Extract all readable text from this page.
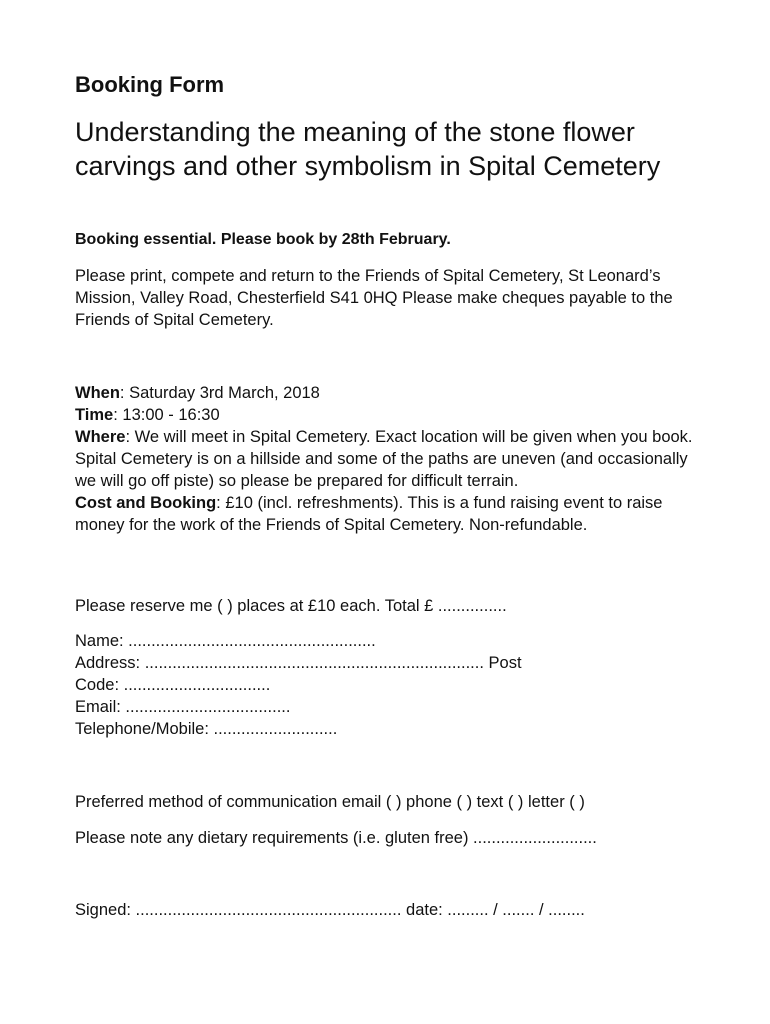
Booking Form
Understanding the meaning of the stone flower carvings and other symbolism in Spital Cemetery

Booking essential. Please book by 28th February.

Please print, compete and return to the Friends of Spital Cemetery, St Leonard’s Mission, Valley Road, Chesterfield S41 0HQ Please make cheques payable to the Friends of Spital Cemetery.

When: Saturday 3rd March, 2018

Time: 13:00 - 16:30

Where: We will meet in Spital Cemetery. Exact location will be given when you book. Spital Cemetery is on a hillside and some of the paths are uneven (and occasionally we will go off piste) so please be prepared for difficult terrain.

Cost and Booking: £10 (incl. refreshments). This is a fund raising event to raise money for the work of the Friends of Spital Cemetery. Non-refundable.

Please reserve me ( ) places at £10 each. Total £ ...............

Name: ......................................................

Address: .......................................................................... Post

Code: ................................

Email: ....................................

Telephone/Mobile: ...........................

Preferred method of communication email ( ) phone ( ) text ( ) letter ( )

Please note any dietary requirements (i.e. gluten free) ...........................

Signed: .......................................................... date: ......... / ....... / ........
